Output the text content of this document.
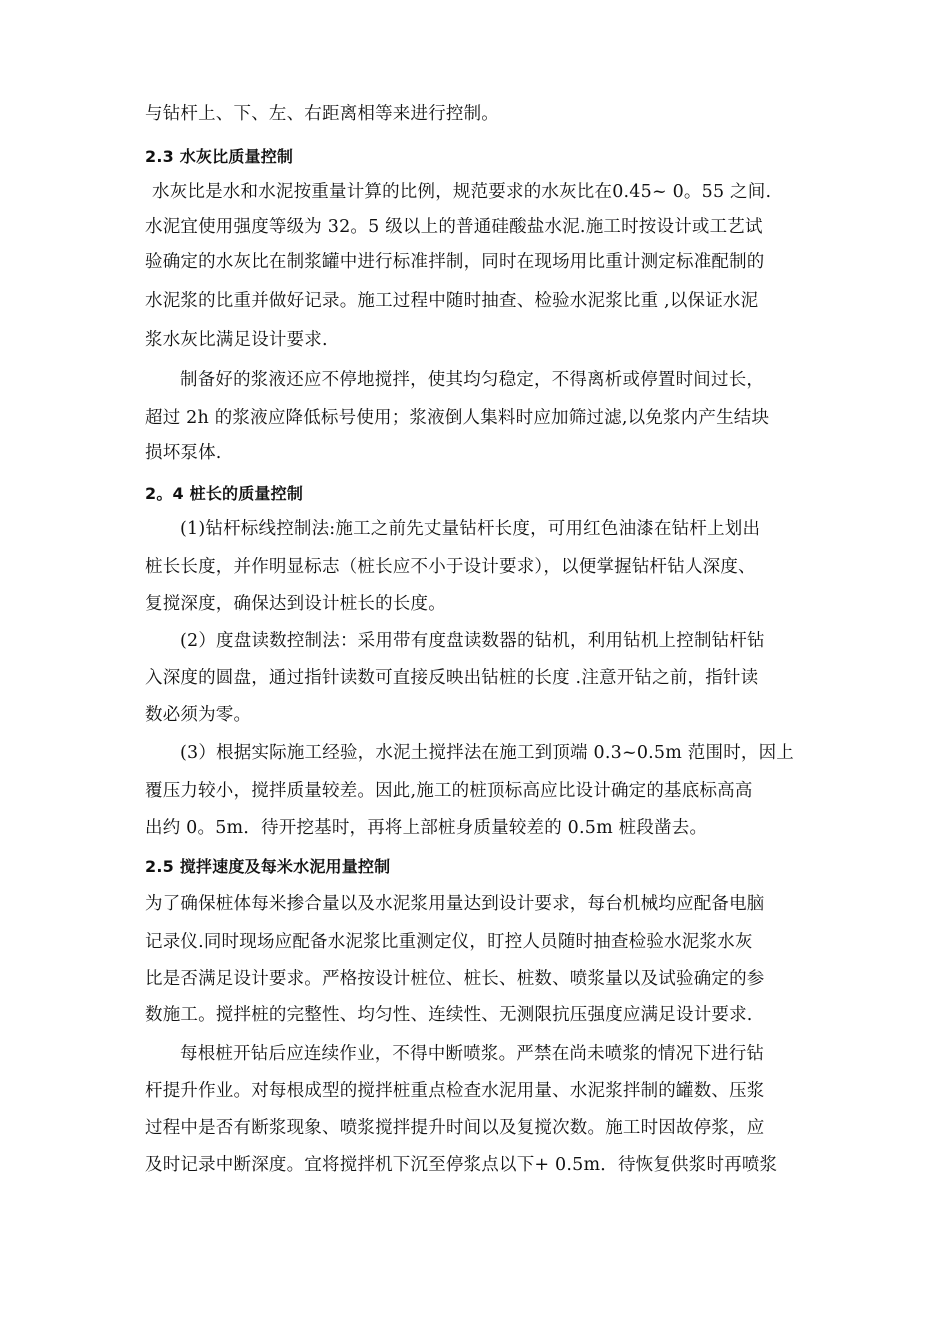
与钻杆上、下、左、右距离相等来进行控制。
2.3 水灰比质量控制
水灰比是水和水泥按重量计算的比例，规范要求的水灰比在0.45~ 0。55 之间.
水泥宜使用强度等级为 32。5 级以上的普通硅酸盐水泥.施工时按设计或工艺试
验确定的水灰比在制浆罐中进行标准拌制，同时在现场用比重计测定标准配制的
水泥浆的比重并做好记录。施工过程中随时抽查、检验水泥浆比重 ,以保证水泥
浆水灰比满足设计要求.
制备好的浆液还应不停地搅拌，使其均匀稳定，不得离析或停置时间过长，
超过 2h 的浆液应降低标号使用；浆液倒人集料时应加筛过滤,以免浆内产生结块
损坏泵体.
2。4 桩长的质量控制
(1)钻杆标线控制法:施工之前先丈量钻杆长度，可用红色油漆在钻杆上划出
桩长长度，并作明显标志（桩长应不小于设计要求），以便掌握钻杆钻人深度、
复搅深度，确保达到设计桩长的长度。
(2）度盘读数控制法：采用带有度盘读数器的钻机，利用钻机上控制钻杆钻
入深度的圆盘，通过指针读数可直接反映出钻桩的长度 .注意开钻之前，指针读
数必须为零。
(3）根据实际施工经验，水泥土搅拌法在施工到顶端 0.3~0.5m 范围时，因上
覆压力较小，搅拌质量较差。因此,施工的桩顶标高应比设计确定的基底标高高
出约 0。5m．待开挖基时，再将上部桩身质量较差的 0.5m 桩段凿去。
2.5 搅拌速度及每米水泥用量控制
为了确保桩体每米掺合量以及水泥浆用量达到设计要求，每台机械均应配备电脑
记录仪.同时现场应配备水泥浆比重测定仪，盯控人员随时抽查检验水泥浆水灰
比是否满足设计要求。严格按设计桩位、桩长、桩数、喷浆量以及试验确定的参
数施工。搅拌桩的完整性、均匀性、连续性、无测限抗压强度应满足设计要求.
每根桩开钻后应连续作业，不得中断喷浆。严禁在尚未喷浆的情况下进行钻
杆提升作业。对每根成型的搅拌桩重点检查水泥用量、水泥浆拌制的罐数、压浆
过程中是否有断浆现象、喷浆搅拌提升时间以及复搅次数。施工时因故停浆，应
及时记录中断深度。宜将搅拌机下沉至停浆点以下+ 0.5m．待恢复供浆时再喷浆
